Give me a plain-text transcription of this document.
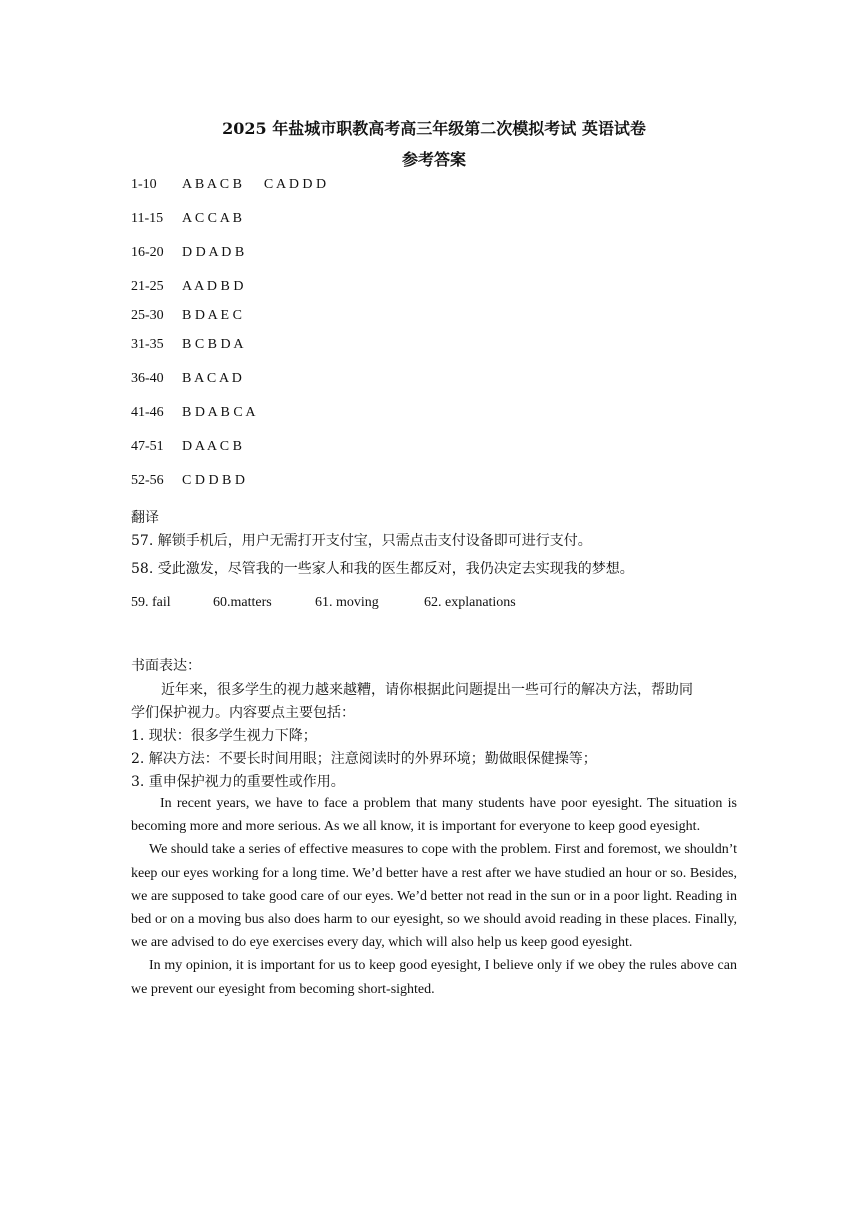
2025 年盐城市职教高考高三年级第二次模拟考试 英语试卷
参考答案
1-10 A B A C B C A D D D
11-15 A C C A B
16-20 D D A D B
21-25 A A D B D
25-30 B D A E C
31-35 B C B D A
36-40 B A C A D
41-46 B D A B C A
47-51 D A A C B
52-56 C D D B D
翻译
57. 解锁手机后，用户无需打开支付宝，只需点击支付设备即可进行支付。
58. 受此激发，尽管我的一些家人和我的医生都反对，我仍决定去实现我的梦想。
59. fail	60.matters	61. moving	62. explanations
书面表达：
近年来，很多学生的视力越来越糟，请你根据此问题提出一些可行的解决方法，帮助同
学们保护视力。内容要点主要包括：
1. 现状：很多学生视力下降；
2. 解决方法：不要长时间用眼；注意阅读时的外界环境；勤做眼保健操等；
3. 重申保护视力的重要性或作用。

In recent years, we have to face a problem that many students have poor eyesight. The situation is becoming more and more serious. As we all know, it is important for everyone to keep good eyesight.

We should take a series of effective measures to cope with the problem. First and foremost, we shouldn’t keep our eyes working for a long time. We’d better have a rest after we have studied an hour or so. Besides, we are supposed to take good care of our eyes. We’d better not read in the sun or in a poor light. Reading in bed or on a moving bus also does harm to our eyesight, so we should avoid reading in these places. Finally, we are advised to do eye exercises every day, which will also help us keep good eyesight.

In my opinion, it is important for us to keep good eyesight, I believe only if we obey the rules above can we prevent our eyesight from becoming short-sighted.
